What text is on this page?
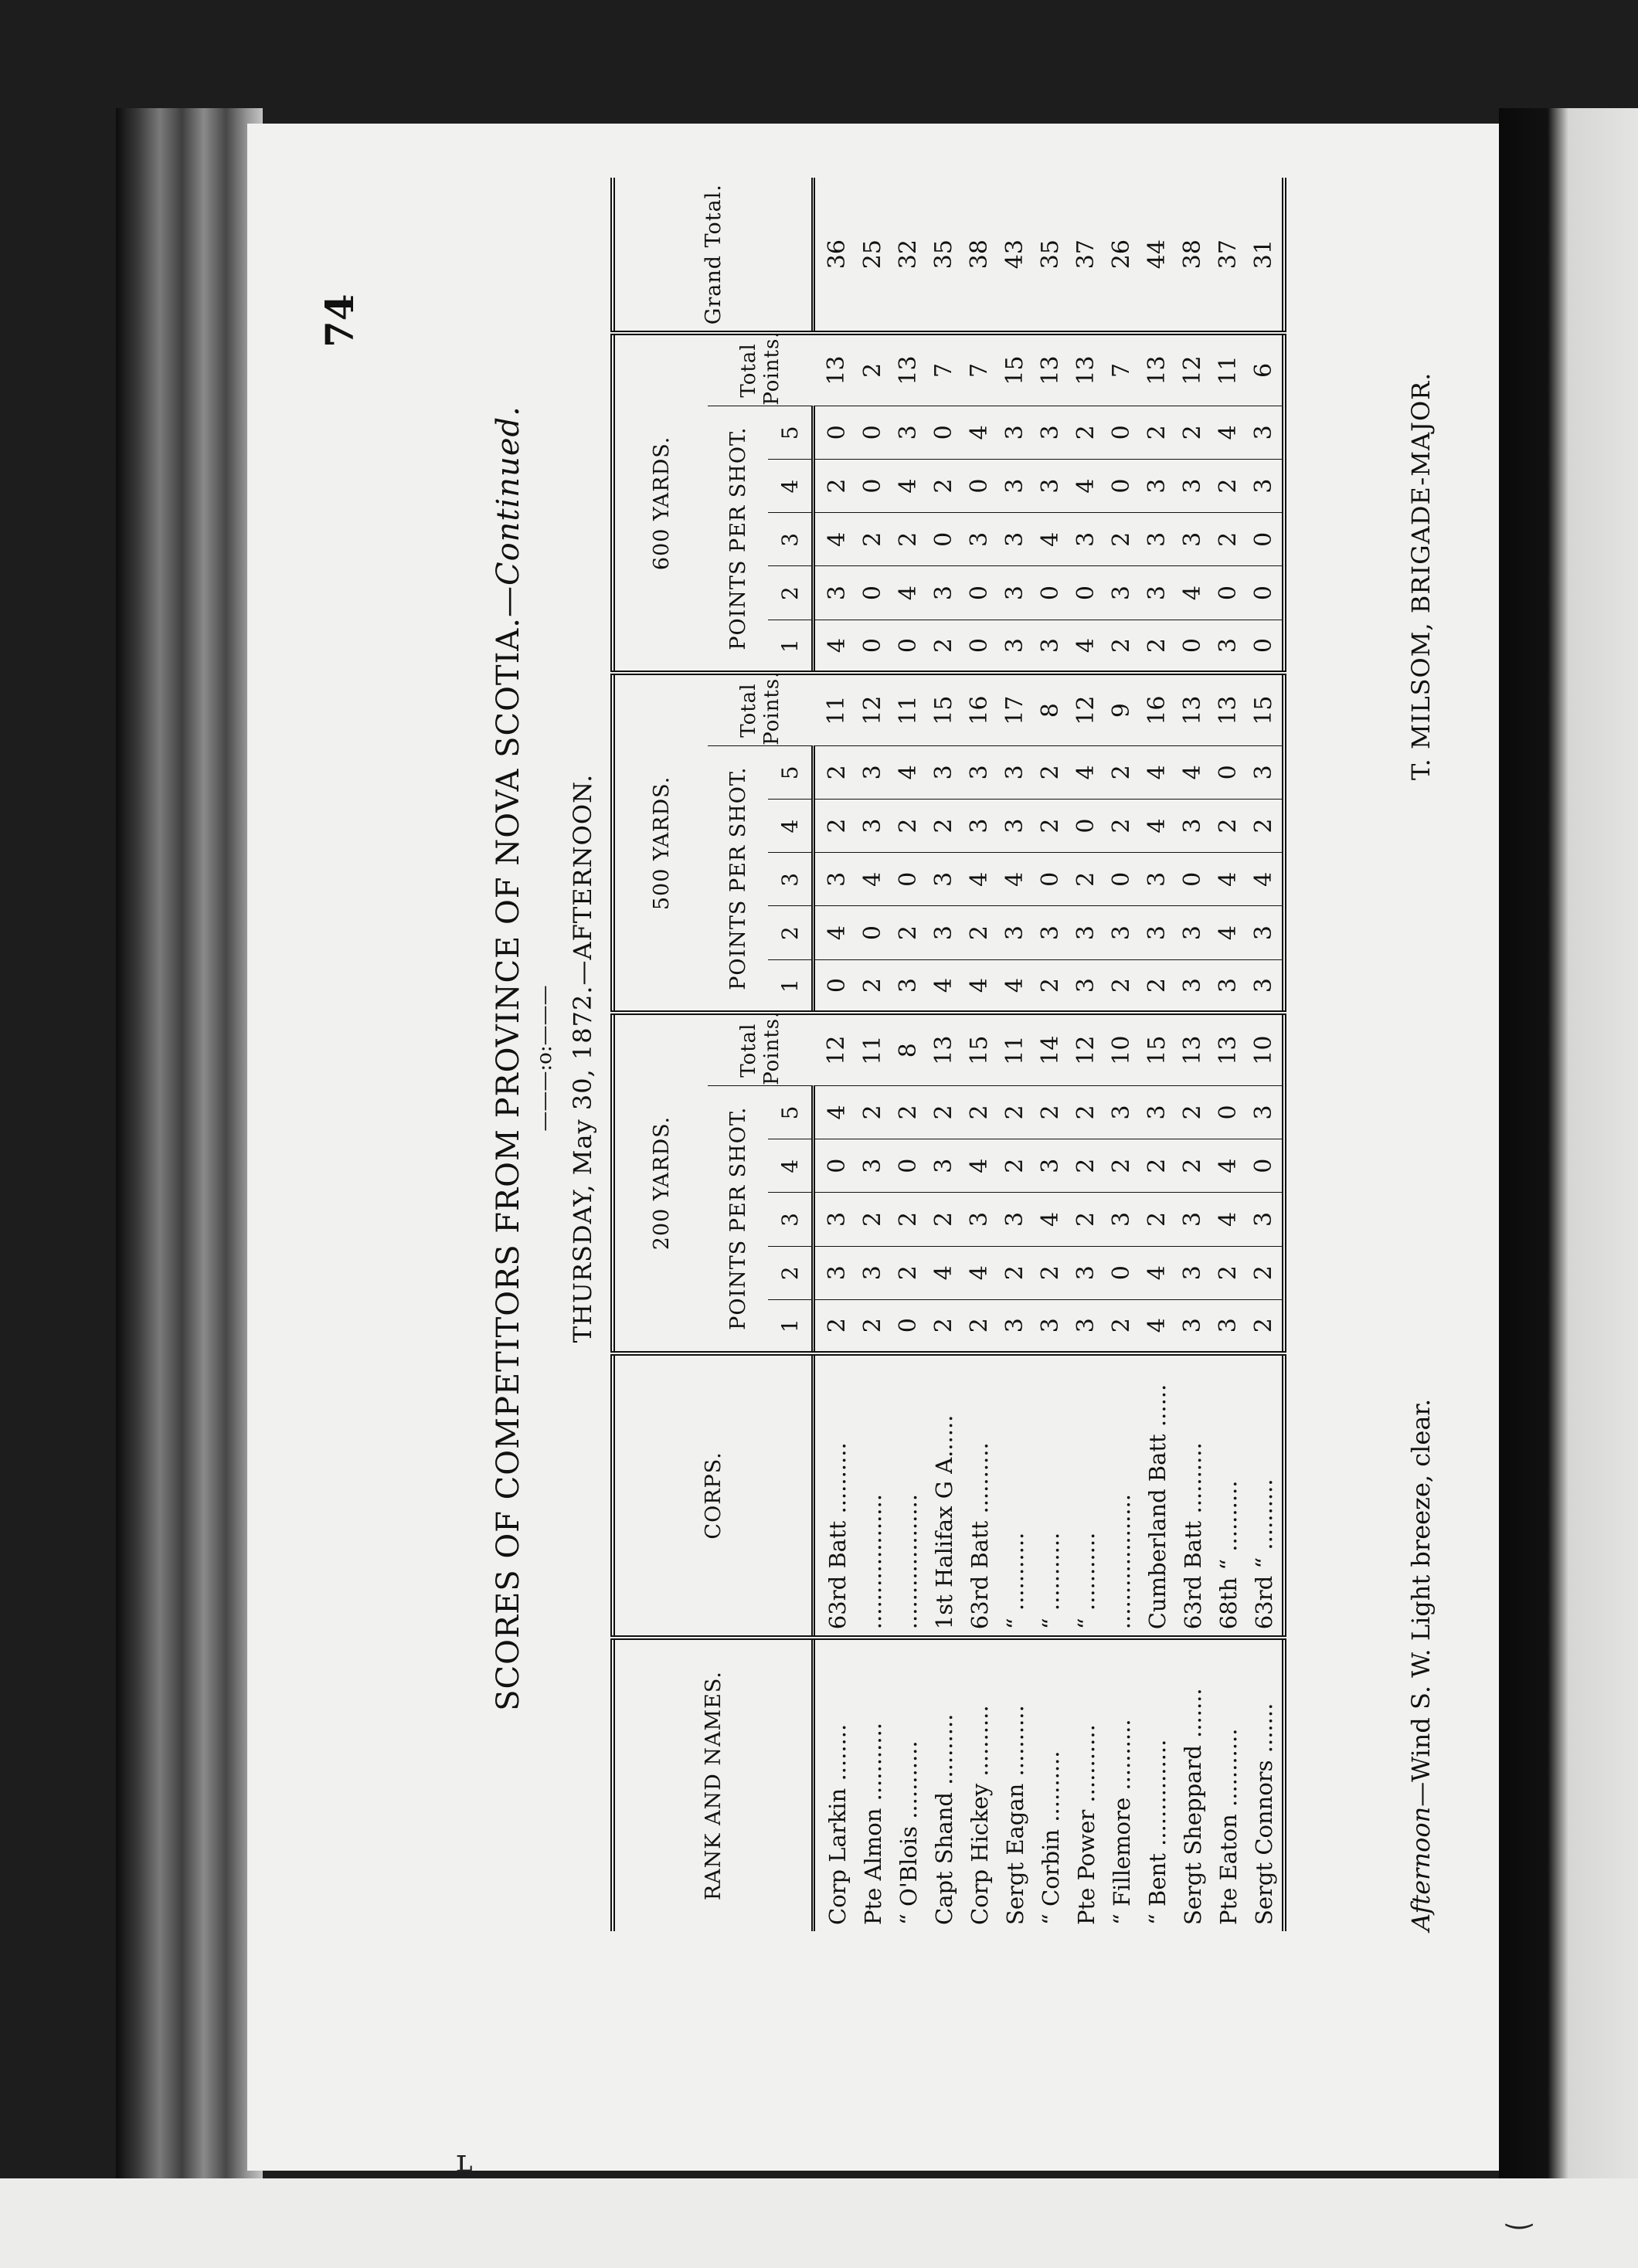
ʟ
‿
74
SCORES OF COMPETITORS FROM PROVINCE OF NOVA SCOTIA.—Continued.
———:o:——— THURSDAY, May 30, 1872.—AFTERNOON.
RANK AND NAMES.	CORPS.	200 YARDS.						500 YARDS.						600 YARDS.						Grand Total.
		POINTS PER SHOT.					Total Points.	POINTS PER SHOT.					Total Points.	POINTS PER SHOT.					Total Points.	
		1	2	3	4	5		1	2	3	4	5		1	2	3	4	5		
Corp Larkin ........	63rd Batt ..........	2	3	3	0	4	12	0	4	3	2	2	11	4	3	4	2	0	13	36
Pte Almon ...........	...................	2	3	2	3	2	11	2	0	4	3	3	12	0	0	2	0	0	2	25
“ O'Blois ...........	...................	0	2	2	0	2	8	3	2	0	2	4	11	0	4	2	4	3	13	32
Capt Shand ..........	1st Halifax G A......	2	4	2	3	2	13	4	3	3	2	3	15	2	3	0	2	0	7	35
Corp Hickey ..........	63rd Batt ..........	2	4	3	4	2	15	4	2	4	3	3	16	0	0	3	0	4	7	38
Sergt Eagan ..........	“ ...........	3	2	3	2	2	11	4	3	4	3	3	17	3	3	3	3	3	15	43
“ Corbin ..........	“ ...........	3	2	4	3	2	14	2	3	0	2	2	8	3	0	4	3	3	13	35
Pte Power ...........	“ ...........	3	3	2	2	2	12	3	3	2	0	4	12	4	0	3	4	2	13	37
“ Fillemore ..........	...................	2	0	3	2	3	10	2	3	0	2	2	9	2	3	2	0	0	7	26
“ Bent ...............	Cumberland Batt ......	4	4	2	2	3	15	2	3	3	4	4	16	2	3	3	3	2	13	44
Sergt Sheppard .......	63rd Batt ..........	3	3	3	2	2	13	3	3	0	3	4	13	0	4	3	3	2	12	38
Pte Eaton ...........	68th “ ..........	3	2	4	4	0	13	3	4	4	2	0	13	3	0	2	2	4	11	37
Sergt Connors .......	63rd “ ..........	2	2	3	0	3	10	3	3	4	2	3	15	0	0	0	3	3	6	31
Afternoon—Wind S. W. Light breeze, clear.
T. MILSOM, BRIGADE-MAJOR.
